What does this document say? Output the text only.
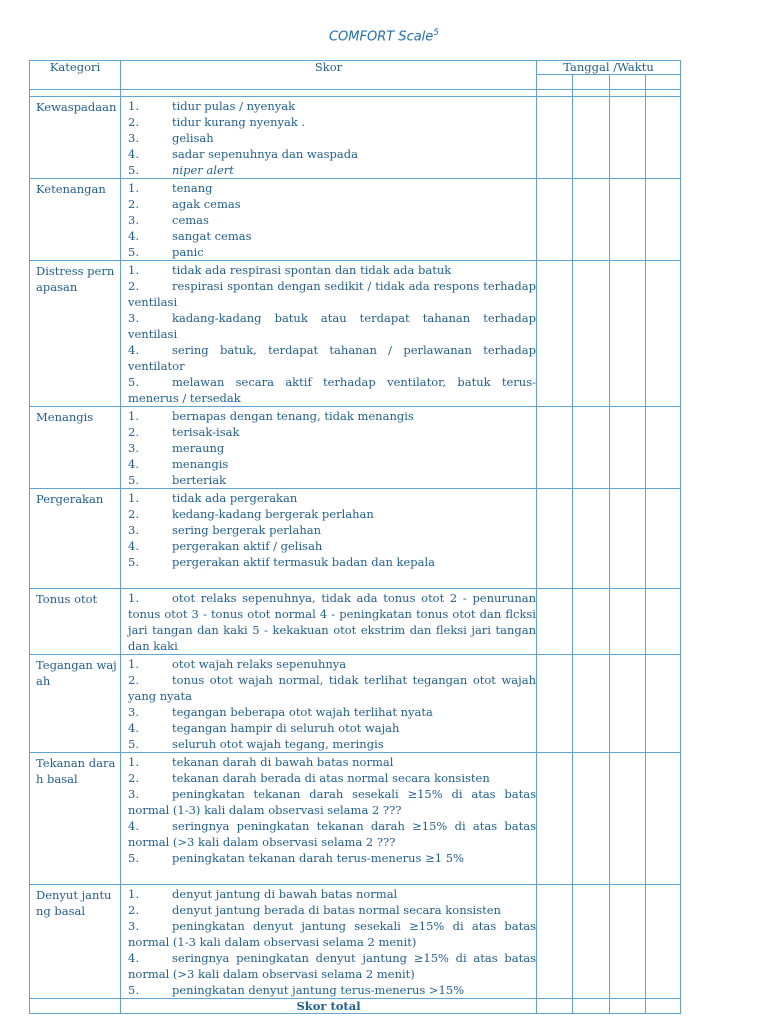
COMFORT Scale$^5$
Kategori	Skor	Tanggal /Waktu			

Kewaspadaan	1. tidur pulas / nyenyak
2. tidur kurang nyenyak .
3. gelisah
4. sadar sepenuhnya dan waspada
5. niper alert				

Ketenangan	1. tenang
2. agak cemas
3. cemas
4. sangat cemas
5. panic				

Distress pernapasan	1. tidak ada respirasi spontan dan tidak ada batuk
2. respirasi spontan dengan sedikit / tidak ada respons terhadap ventilasi
3. kadang-kadang batuk atau terdapat tahanan terhadap ventilasi
4. sering batuk, terdapat tahanan / perlawanan terhadap ventilator
5. melawan secara aktif terhadap ventilator, batuk terus-menerus / tersedak				

Menangis	1. bernapas dengan tenang, tidak menangis
2. terisak-isak
3. meraung
4. menangis
5. berteriak				

Pergerakan	1. tidak ada pergerakan
2. kedang-kadang bergerak perlahan
3. sering bergerak perlahan
4. pergerakan aktif / gelisah
5. pergerakan aktif termasuk badan dan kepala				

Tonus otot	1. otot relaks sepenuhnya, tidak ada tonus otot 2 - penurunan tonus otot 3 - tonus otot normal 4 - peningkatan tonus otot dan flcksi jari tangan dan kaki 5 - kekakuan otot ekstrim dan fleksi jari tangan dan kaki				

Tegangan wajah	1. otot wajah relaks sepenuhnya
2. tonus otot wajah normal, tidak terlihat tegangan otot wajah yang nyata
3. tegangan beberapa otot wajah terlihat nyata
4. tegangan hampir di seluruh otot wajah
5. seluruh otot wajah tegang, meringis				

Tekanan darah basal	1. tekanan darah di bawah batas normal
2. tekanan darah berada di atas normal secara konsisten
3. peningkatan tekanan darah sesekali ≥15% di atas batas normal (1-3) kali dalam observasi selama 2 ???
4. seringnya peningkatan tekanan darah ≥15% di atas batas normal (>3 kali dalam observasi selama 2 ???
5. peningkatan tekanan darah terus-menerus ≥1 5%				

Denyut jantung basal	1. denyut jantung di bawah batas normal
2. denyut jantung berada di batas normal secara konsisten
3. peningkatan denyut jantung sesekali ≥15% di atas batas normal (1-3 kali dalam observasi selama 2 menit)
4. seringnya peningkatan denyut jantung ≥15% di atas batas normal (>3 kali dalam observasi selama 2 menit)
5. peningkatan denyut jantung terus-menerus >15%				

	Skor total				
